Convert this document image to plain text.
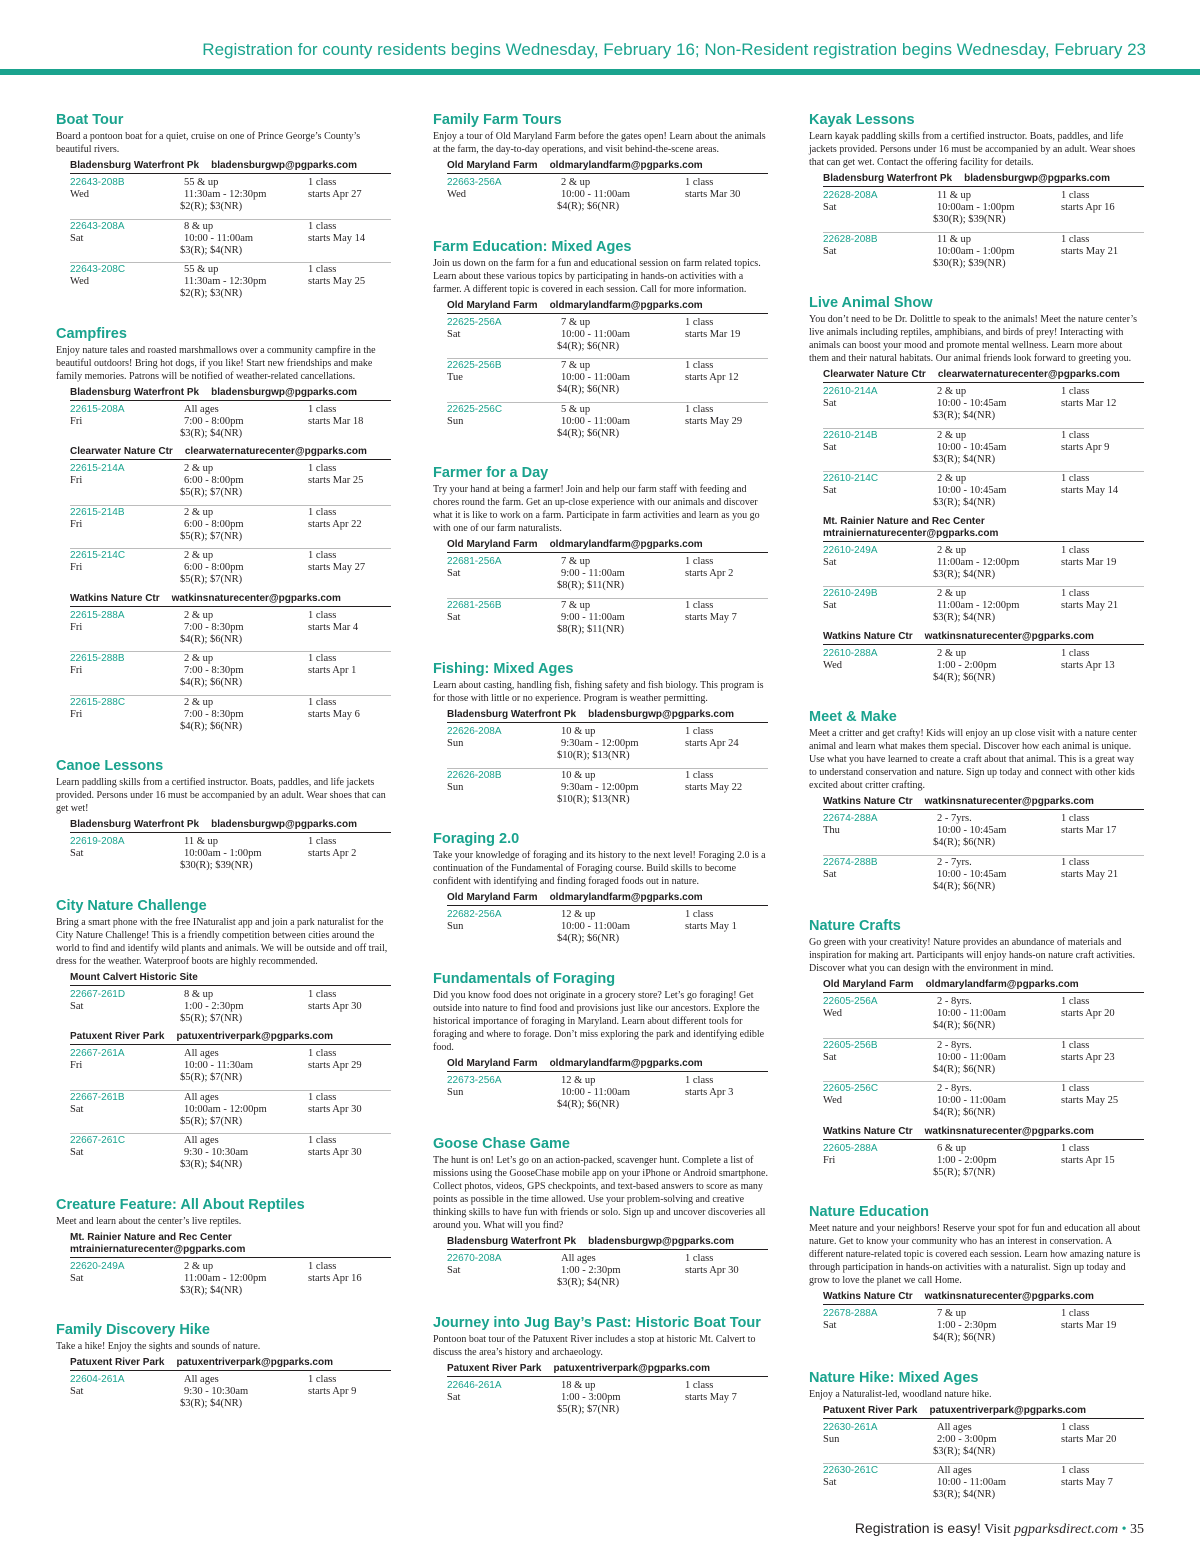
Registration for county residents begins Wednesday, February 16; Non-Resident registration begins Wednesday, February 23
Boat Tour
Board a pontoon boat for a quiet, cruise on one of Prince George’s County’s beautiful rivers.
Bladensburg Waterfront Pk bladensburgwp@pgparks.com
22643-208B
Wed
55 & up
11:30am - 12:30pm
$2(R); $3(NR)
1 class
starts Apr 27
22643-208A
Sat
8 & up
10:00 - 11:00am
$3(R); $4(NR)
1 class
starts May 14
22643-208C
Wed
55 & up
11:30am - 12:30pm
$2(R); $3(NR)
1 class
starts May 25
Campfires
Enjoy nature tales and roasted marshmallows over a community campfire in the beautiful outdoors! Bring hot dogs, if you like! Start new friendships and make family memories. Patrons will be notified of weather-related cancellations.
Bladensburg Waterfront Pk bladensburgwp@pgparks.com
22615-208A
Fri
All ages
7:00 - 8:00pm
$3(R); $4(NR)
1 class
starts Mar 18
Clearwater Nature Ctr clearwaternaturecenter@pgparks.com
22615-214A
Fri
2 & up
6:00 - 8:00pm
$5(R); $7(NR)
1 class
starts Mar 25
22615-214B
Fri
2 & up
6:00 - 8:00pm
$5(R); $7(NR)
1 class
starts Apr 22
22615-214C
Fri
2 & up
6:00 - 8:00pm
$5(R); $7(NR)
1 class
starts May 27
Watkins Nature Ctr watkinsnaturecenter@pgparks.com
22615-288A
Fri
2 & up
7:00 - 8:30pm
$4(R); $6(NR)
1 class
starts Mar 4
22615-288B
Fri
2 & up
7:00 - 8:30pm
$4(R); $6(NR)
1 class
starts Apr 1
22615-288C
Fri
2 & up
7:00 - 8:30pm
$4(R); $6(NR)
1 class
starts May 6
Canoe Lessons
Learn paddling skills from a certified instructor. Boats, paddles, and life jackets provided. Persons under 16 must be accompanied by an adult. Wear shoes that can get wet!
Bladensburg Waterfront Pk bladensburgwp@pgparks.com
22619-208A
Sat
11 & up
10:00am - 1:00pm
$30(R); $39(NR)
1 class
starts Apr 2
City Nature Challenge
Bring a smart phone with the free INaturalist app and join a park naturalist for the City Nature Challenge! This is a friendly competition between cities around the world to find and identify wild plants and animals. We will be outside and off trail, dress for the weather. Waterproof boots are highly recommended.
Mount Calvert Historic Site
22667-261D
Sat
8 & up
1:00 - 2:30pm
$5(R); $7(NR)
1 class
starts Apr 30
Patuxent River Park patuxentriverpark@pgparks.com
22667-261A
Fri
All ages
10:00 - 11:30am
$5(R); $7(NR)
1 class
starts Apr 29
22667-261B
Sat
All ages
10:00am - 12:00pm
$5(R); $7(NR)
1 class
starts Apr 30
22667-261C
Sat
All ages
9:30 - 10:30am
$3(R); $4(NR)
1 class
starts Apr 30
Creature Feature: All About Reptiles
Meet and learn about the center’s live reptiles.
Mt. Rainier Nature and Rec Center
mtrainiernaturecenter@pgparks.com
22620-249A
Sat
2 & up
11:00am - 12:00pm
$3(R); $4(NR)
1 class
starts Apr 16
Family Discovery Hike
Take a hike! Enjoy the sights and sounds of nature.
Patuxent River Park patuxentriverpark@pgparks.com
22604-261A
Sat
All ages
9:30 - 10:30am
$3(R); $4(NR)
1 class
starts Apr 9
Family Farm Tours
Enjoy a tour of Old Maryland Farm before the gates open! Learn about the animals at the farm, the day-to-day operations, and visit behind-the-scene areas.
Old Maryland Farm oldmarylandfarm@pgparks.com
22663-256A
Wed
2 & up
10:00 - 11:00am
$4(R); $6(NR)
1 class
starts Mar 30
Farm Education: Mixed Ages
Join us down on the farm for a fun and educational session on farm related topics. Learn about these various topics by participating in hands-on activities with a farmer. A different topic is covered in each session. Call for more information.
Old Maryland Farm oldmarylandfarm@pgparks.com
22625-256A
Sat
7 & up
10:00 - 11:00am
$4(R); $6(NR)
1 class
starts Mar 19
22625-256B
Tue
7 & up
10:00 - 11:00am
$4(R); $6(NR)
1 class
starts Apr 12
22625-256C
Sun
5 & up
10:00 - 11:00am
$4(R); $6(NR)
1 class
starts May 29
Farmer for a Day
Try your hand at being a farmer! Join and help our farm staff with feeding and chores round the farm. Get an up-close experience with our animals and discover what it is like to work on a farm. Participate in farm activities and learn as you go with one of our farm naturalists.
Old Maryland Farm oldmarylandfarm@pgparks.com
22681-256A
Sat
7 & up
9:00 - 11:00am
$8(R); $11(NR)
1 class
starts Apr 2
22681-256B
Sat
7 & up
9:00 - 11:00am
$8(R); $11(NR)
1 class
starts May 7
Fishing: Mixed Ages
Learn about casting, handling fish, fishing safety and fish biology. This program is for those with little or no experience. Program is weather permitting.
Bladensburg Waterfront Pk bladensburgwp@pgparks.com
22626-208A
Sun
10 & up
9:30am - 12:00pm
$10(R); $13(NR)
1 class
starts Apr 24
22626-208B
Sun
10 & up
9:30am - 12:00pm
$10(R); $13(NR)
1 class
starts May 22
Foraging 2.0
Take your knowledge of foraging and its history to the next level! Foraging 2.0 is a continuation of the Fundamental of Foraging course. Build skills to become confident with identifying and finding foraged foods out in nature.
Old Maryland Farm oldmarylandfarm@pgparks.com
22682-256A
Sun
12 & up
10:00 - 11:00am
$4(R); $6(NR)
1 class
starts May 1
Fundamentals of Foraging
Did you know food does not originate in a grocery store? Let’s go foraging! Get outside into nature to find food and provisions just like our ancestors. Explore the historical importance of foraging in Maryland. Learn about different tools for foraging and where to forage. Don’t miss exploring the park and identifying edible food.
Old Maryland Farm oldmarylandfarm@pgparks.com
22673-256A
Sun
12 & up
10:00 - 11:00am
$4(R); $6(NR)
1 class
starts Apr 3
Goose Chase Game
The hunt is on! Let’s go on an action-packed, scavenger hunt. Complete a list of missions using the GooseChase mobile app on your iPhone or Android smartphone. Collect photos, videos, GPS checkpoints, and text-based answers to score as many points as possible in the time allowed. Use your problem-solving and creative thinking skills to have fun with friends or solo. Sign up and uncover discoveries all around you. What will you find?
Bladensburg Waterfront Pk bladensburgwp@pgparks.com
22670-208A
Sat
All ages
1:00 - 2:30pm
$3(R); $4(NR)
1 class
starts Apr 30
Journey into Jug Bay’s Past: Historic Boat Tour
Pontoon boat tour of the Patuxent River includes a stop at historic Mt. Calvert to discuss the area’s history and archaeology.
Patuxent River Park patuxentriverpark@pgparks.com
22646-261A
Sat
18 & up
1:00 - 3:00pm
$5(R); $7(NR)
1 class
starts May 7
Kayak Lessons
Learn kayak paddling skills from a certified instructor. Boats, paddles, and life jackets provided. Persons under 16 must be accompanied by an adult. Wear shoes that can get wet. Contact the offering facility for details.
Bladensburg Waterfront Pk bladensburgwp@pgparks.com
22628-208A
Sat
11 & up
10:00am - 1:00pm
$30(R); $39(NR)
1 class
starts Apr 16
22628-208B
Sat
11 & up
10:00am - 1:00pm
$30(R); $39(NR)
1 class
starts May 21
Live Animal Show
You don’t need to be Dr. Dolittle to speak to the animals! Meet the nature center’s live animals including reptiles, amphibians, and birds of prey! Interacting with animals can boost your mood and promote mental wellness. Learn more about them and their natural habitats. Our animal friends look forward to greeting you.
Clearwater Nature Ctr clearwaternaturecenter@pgparks.com
22610-214A
Sat
2 & up
10:00 - 10:45am
$3(R); $4(NR)
1 class
starts Mar 12
22610-214B
Sat
2 & up
10:00 - 10:45am
$3(R); $4(NR)
1 class
starts Apr 9
22610-214C
Sat
2 & up
10:00 - 10:45am
$3(R); $4(NR)
1 class
starts May 14
Mt. Rainier Nature and Rec Center
mtrainiernaturecenter@pgparks.com
22610-249A
Sat
2 & up
11:00am - 12:00pm
$3(R); $4(NR)
1 class
starts Mar 19
22610-249B
Sat
2 & up
11:00am - 12:00pm
$3(R); $4(NR)
1 class
starts May 21
Watkins Nature Ctr watkinsnaturecenter@pgparks.com
22610-288A
Wed
2 & up
1:00 - 2:00pm
$4(R); $6(NR)
1 class
starts Apr 13
Meet & Make
Meet a critter and get crafty! Kids will enjoy an up close visit with a nature center animal and learn what makes them special. Discover how each animal is unique. Use what you have learned to create a craft about that animal. This is a great way to understand conservation and nature. Sign up today and connect with other kids excited about critter crafting.
Watkins Nature Ctr watkinsnaturecenter@pgparks.com
22674-288A
Thu
2 - 7yrs.
10:00 - 10:45am
$4(R); $6(NR)
1 class
starts Mar 17
22674-288B
Sat
2 - 7yrs.
10:00 - 10:45am
$4(R); $6(NR)
1 class
starts May 21
Nature Crafts
Go green with your creativity! Nature provides an abundance of materials and inspiration for making art. Participants will enjoy hands-on nature craft activities. Discover what you can design with the environment in mind.
Old Maryland Farm oldmarylandfarm@pgparks.com
22605-256A
Wed
2 - 8yrs.
10:00 - 11:00am
$4(R); $6(NR)
1 class
starts Apr 20
22605-256B
Sat
2 - 8yrs.
10:00 - 11:00am
$4(R); $6(NR)
1 class
starts Apr 23
22605-256C
Wed
2 - 8yrs.
10:00 - 11:00am
$4(R); $6(NR)
1 class
starts May 25
Watkins Nature Ctr watkinsnaturecenter@pgparks.com
22605-288A
Fri
6 & up
1:00 - 2:00pm
$5(R); $7(NR)
1 class
starts Apr 15
Nature Education
Meet nature and your neighbors! Reserve your spot for fun and education all about nature. Get to know your community who has an interest in conservation. A different nature-related topic is covered each session. Learn how amazing nature is through participation in hands-on activities with a naturalist. Sign up today and grow to love the planet we call Home.
Watkins Nature Ctr watkinsnaturecenter@pgparks.com
22678-288A
Sat
7 & up
1:00 - 2:30pm
$4(R); $6(NR)
1 class
starts Mar 19
Nature Hike: Mixed Ages
Enjoy a Naturalist-led, woodland nature hike.
Patuxent River Park patuxentriverpark@pgparks.com
22630-261A
Sun
All ages
2:00 - 3:00pm
$3(R); $4(NR)
1 class
starts Mar 20
22630-261C
Sat
All ages
10:00 - 11:00am
$3(R); $4(NR)
1 class
starts May 7
Registration is easy! Visit pgparksdirect.com • 35
